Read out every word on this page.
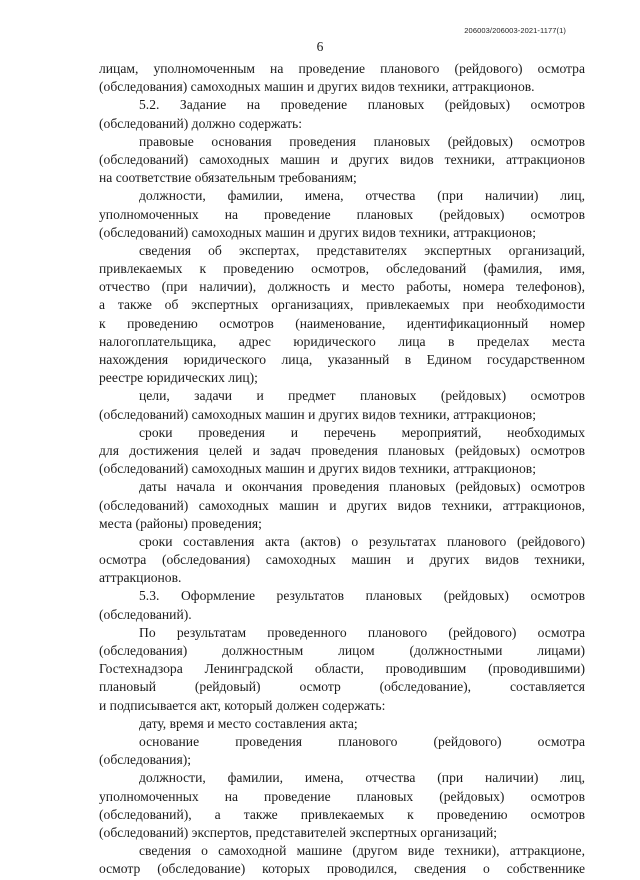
206003/206003-2021-1177(1)
6
лицам, уполномоченным на проведение планового (рейдового) осмотра
(обследования) самоходных машин и других видов техники, аттракционов.
5.2. Задание на проведение плановых (рейдовых) осмотров
(обследований) должно содержать:
правовые основания проведения плановых (рейдовых) осмотров
(обследований) самоходных машин и других видов техники, аттракционов
на соответствие обязательным требованиям;
должности, фамилии, имена, отчества (при наличии) лиц,
уполномоченных на проведение плановых (рейдовых) осмотров
(обследований) самоходных машин и других видов техники, аттракционов;
сведения об экспертах, представителях экспертных организаций,
привлекаемых к проведению осмотров, обследований (фамилия, имя,
отчество (при наличии), должность и место работы, номера телефонов),
а также об экспертных организациях, привлекаемых при необходимости
к проведению осмотров (наименование, идентификационный номер
налогоплательщика, адрес юридического лица в пределах места
нахождения юридического лица, указанный в Едином государственном
реестре юридических лиц);
цели, задачи и предмет плановых (рейдовых) осмотров
(обследований) самоходных машин и других видов техники, аттракционов;
сроки проведения и перечень мероприятий, необходимых
для достижения целей и задач проведения плановых (рейдовых) осмотров
(обследований) самоходных машин и других видов техники, аттракционов;
даты начала и окончания проведения плановых (рейдовых) осмотров
(обследований) самоходных машин и других видов техники, аттракционов,
места (районы) проведения;
сроки составления акта (актов) о результатах планового (рейдового)
осмотра (обследования) самоходных машин и других видов техники,
аттракционов.
5.3. Оформление результатов плановых (рейдовых) осмотров
(обследований).
По результатам проведенного планового (рейдового) осмотра
(обследования) должностным лицом (должностными лицами)
Гостехнадзора Ленинградской области, проводившим (проводившими)
плановый (рейдовый) осмотр (обследование), составляется
и подписывается акт, который должен содержать:
дату, время и место составления акта;
основание проведения планового (рейдового) осмотра
(обследования);
должности, фамилии, имена, отчества (при наличии) лиц,
уполномоченных на проведение плановых (рейдовых) осмотров
(обследований), а также привлекаемых к проведению осмотров
(обследований) экспертов, представителей экспертных организаций;
сведения о самоходной машине (другом виде техники), аттракционе,
осмотр (обследование) которых проводился, сведения о собственнике
